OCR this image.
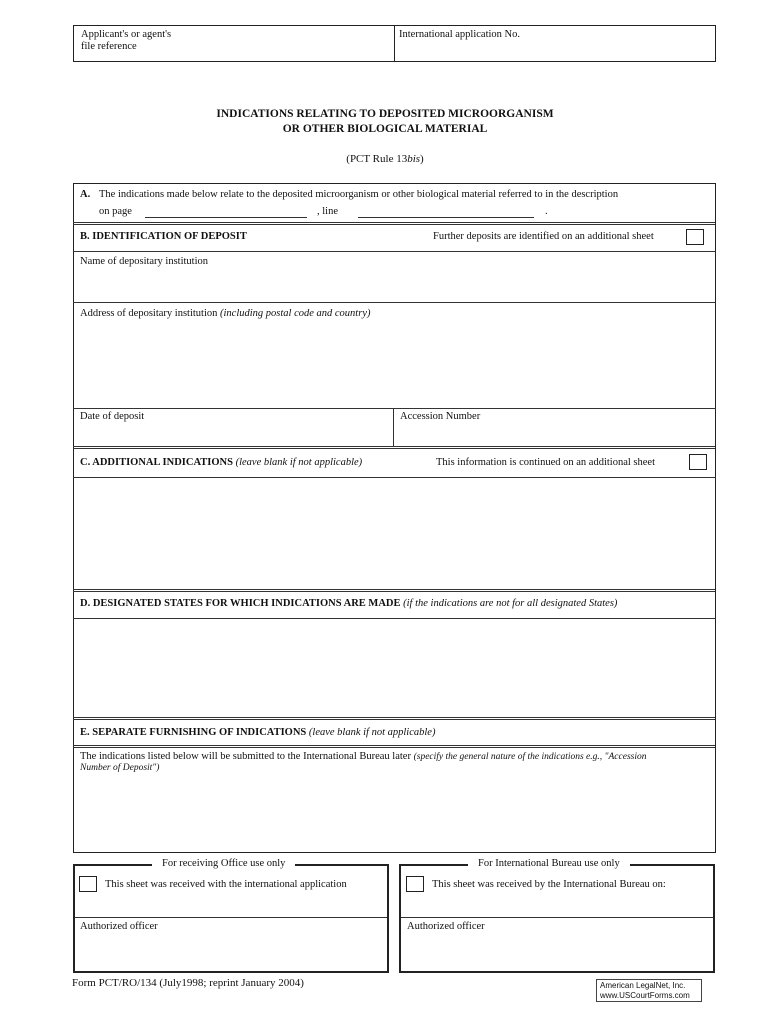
Applicant's or agent's
file reference
International application No.
INDICATIONS RELATING TO DEPOSITED MICROORGANISM
OR OTHER BIOLOGICAL MATERIAL
(PCT Rule 13bis)
A. The indications made below relate to the deposited microorganism or other biological material referred to in the description
on page	, line	.
B. IDENTIFICATION OF DEPOSIT	Further deposits are identified on an additional sheet
Name of depositary institution
Address of depositary institution (including postal code and country)
Date of deposit	Accession Number
C. ADDITIONAL INDICATIONS (leave blank if not applicable)	This information is continued on an additional sheet
D. DESIGNATED STATES FOR WHICH INDICATIONS ARE MADE (if the indications are not for all designated States)
E. SEPARATE FURNISHING OF INDICATIONS (leave blank if not applicable)
The indications listed below will be submitted to the International Bureau later (specify the general nature of the indications e.g., "Accession
Number of Deposit")
For receiving Office use only
This sheet was received with the international application
Authorized officer
For International Bureau use only
This sheet was received by the International Bureau on:
Authorized officer
Form PCT/RO/134 (July1998; reprint January 2004)	American LegalNet, Inc.
www.USCourtForms.com
